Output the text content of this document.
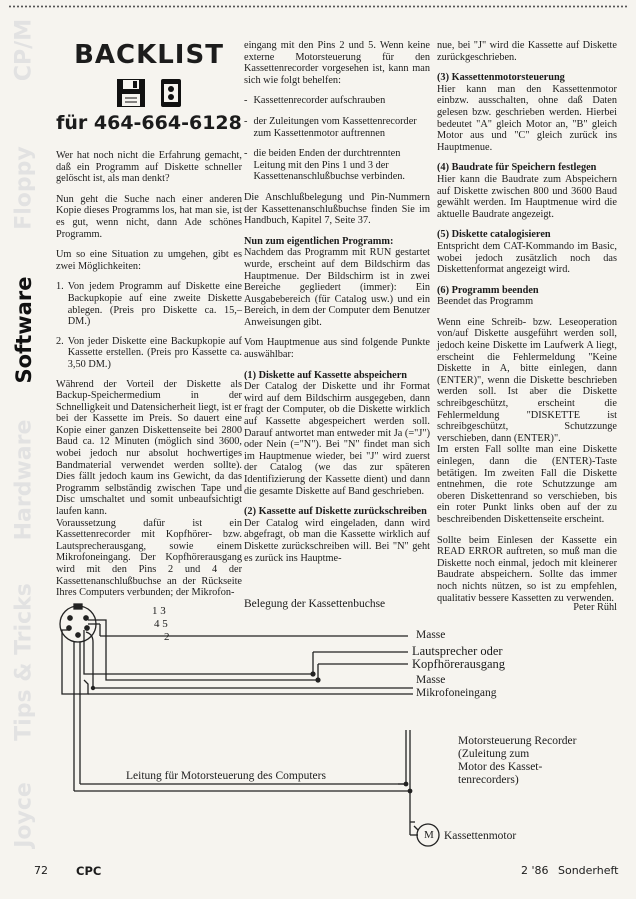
CP/M
Floppy
Software
Hardware
Tips & Tricks
Joyce
BACKLIST
für 464-664-6128

Wer hat noch nicht die Erfahrung gemacht, daß ein Programm auf Diskette schneller gelöscht ist, als man denkt?

Nun geht die Suche nach einer anderen Kopie dieses Programms los, hat man sie, ist es gut, wenn nicht, dann Ade schönes Programm.

Um so eine Situation zu umgehen, gibt es zwei Möglichkeiten:

1. Von jedem Programm auf Diskette eine Backupkopie auf eine zweite Diskette ablegen. (Preis pro Diskette ca. 15,– DM.)
2. Von jeder Diskette eine Backupkopie auf Kassette erstellen. (Preis pro Kassette ca. 3,50 DM.)

Während der Vorteil der Diskette als Backup-Speichermedium in der Schnelligkeit und Datensicherheit liegt, ist er bei der Kassette im Preis. So dauert eine Kopie einer ganzen Diskettenseite bei 2800 Baud ca. 12 Minuten (möglich sind 3600, wobei jedoch nur absolut hochwertiges Bandmaterial verwendet werden sollte). Dies fällt jedoch kaum ins Gewicht, da das Programm selbständig zwischen Tape und Disc umschaltet und somit unbeaufsichtigt laufen kann.

Voraussetzung dafür ist ein Kassettenrecorder mit Kopfhörer- bzw. Lautsprecherausgang, sowie einem Mikrofoneingang. Der Kopfhörerausgang wird mit den Pins 2 und 4 der Kassettenanschlußbuchse an der Rückseite Ihres Computers verbunden; der Mikrofon-

eingang mit den Pins 2 und 5. Wenn keine externe Motorsteuerung für den Kassettenrecorder vorgesehen ist, kann man sich wie folgt behelfen:

- Kassettenrecorder aufschrauben
- der Zuleitungen vom Kassettenrecorder zum Kassettenmotor auftrennen
- die beiden Enden der durchtrennten Leitung mit den Pins 1 und 3 der Kassettenanschlußbuchse verbinden.

Die Anschlußbelegung und Pin-Nummern der Kassettenanschlußbuchse finden Sie im Handbuch, Kapitel 7, Seite 37.

Nun zum eigentlichen Programm:
Nachdem das Programm mit RUN gestartet wurde, erscheint auf dem Bildschirm das Hauptmenue. Der Bildschirm ist in zwei Bereiche gegliedert (immer): Ein Ausgabebereich (für Catalog usw.) und ein Bereich, in dem der Computer dem Benutzer Anweisungen gibt.

Vom Hauptmenue aus sind folgende Punkte auswählbar:

(1) Diskette auf Kassette abspeichern
Der Catalog der Diskette und ihr Format wird auf dem Bildschirm ausgegeben, dann fragt der Computer, ob die Diskette wirklich auf Kassette abgespeichert werden soll. Darauf antwortet man entweder mit Ja (="J") oder Nein (="N"). Bei "N" findet man sich im Hauptmenue wieder, bei "J" wird zuerst der Catalog (we das zur späteren Identifizierung der Kassette dient) und dann die gesamte Diskette auf Band geschrieben.

(2) Kassette auf Diskette zurückschreiben
Der Catalog wird eingeladen, dann wird abgefragt, ob man die Kassette wirklich auf Diskette zurückschreiben will. Bei "N" geht es zurück ins Hauptme-

nue, bei "J" wird die Kassette auf Diskette zurückgeschrieben.

(3) Kassettenmotorsteuerung
Hier kann man den Kassettenmotor einbzw. ausschalten, ohne daß Daten gelesen bzw. geschrieben werden. Hierbei bedeutet "A" gleich Motor an, "B" gleich Motor aus und "C" gleich zurück ins Hauptmenue.

(4) Baudrate für Speichern festlegen
Hier kann die Baudrate zum Abspeichern auf Diskette zwischen 800 und 3600 Baud gewählt werden. Im Hauptmenue wird die aktuelle Baudrate angezeigt.

(5) Diskette catalogisieren
Entspricht dem CAT-Kommando im Basic, wobei jedoch zusätzlich noch das Diskettenformat angezeigt wird.

(6) Programm beenden
Beendet das Programm

Wenn eine Schreib- bzw. Leseoperation von/auf Diskette ausgeführt werden soll, jedoch keine Diskette im Laufwerk A liegt, erscheint die Fehlermeldung "Keine Diskette in A, bitte einlegen, dann (ENTER)", wenn die Diskette beschrieben werden soll. Ist aber die Diskette schreibgeschützt, erscheint die Fehlermeldung "DISKETTE ist schreibgeschützt, Schutzzunge verschieben, dann (ENTER)".

Im ersten Fall sollte man eine Diskette einlegen, dann die (ENTER)-Taste betätigen. Im zweiten Fall die Diskette entnehmen, die rote Schutzzunge am oberen Diskettenrand so verschieben, bis ein roter Punkt links oben auf der zu beschreibenden Diskettenseite erscheint.

Sollte beim Einlesen der Kassette ein READ ERROR auftreten, so muß man die Diskette noch einmal, jedoch mit kleinerer Baudrate abspeichern. Sollte das immer noch nichts nützen, so ist zu empfehlen, qualitativ bessere Kassetten zu verwenden.

Peter Rühl
Belegung der Kassettenbuchse
1 3
4 5
2	Masse
Lautsprecher oder
Kopfhörerausgang
Masse
Mikrofoneingang
Motorsteuerung Recorder
(Zuleitung zum
Motor des Kasset-
tenrecorders)
Leitung für Motorsteuerung des Computers
M Kassettenmotor
72 CPC	2 '86 Sonderheft
